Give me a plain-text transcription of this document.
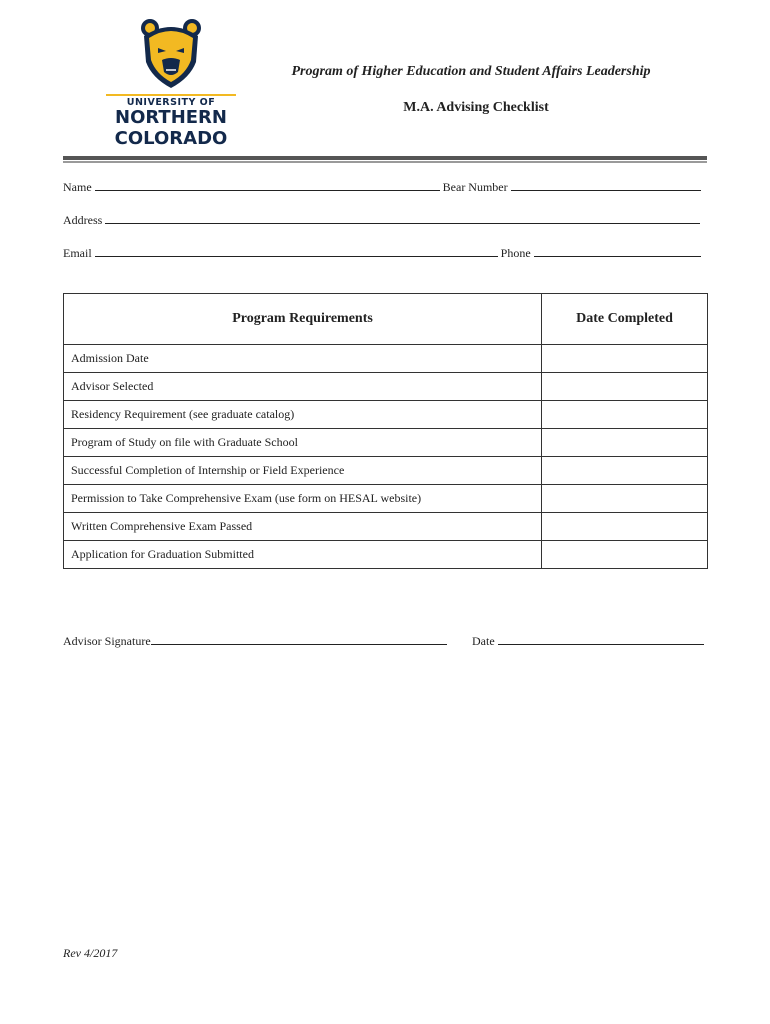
UNIVERSITY OF
NORTHERN
COLORADO
Program of Higher Education and Student Affairs Leadership
M.A. Advising Checklist
Name	Bear Number
Address
Email	Phone
Program Requirements	Date Completed
Admission Date	
Advisor Selected	
Residency Requirement (see graduate catalog)	
Program of Study on file with Graduate School	
Successful Completion of Internship or Field Experience	
Permission to Take Comprehensive Exam (use form on HESAL website)	
Written Comprehensive Exam Passed	
Application for Graduation Submitted	
Advisor Signature	Date
Rev 4/2017
